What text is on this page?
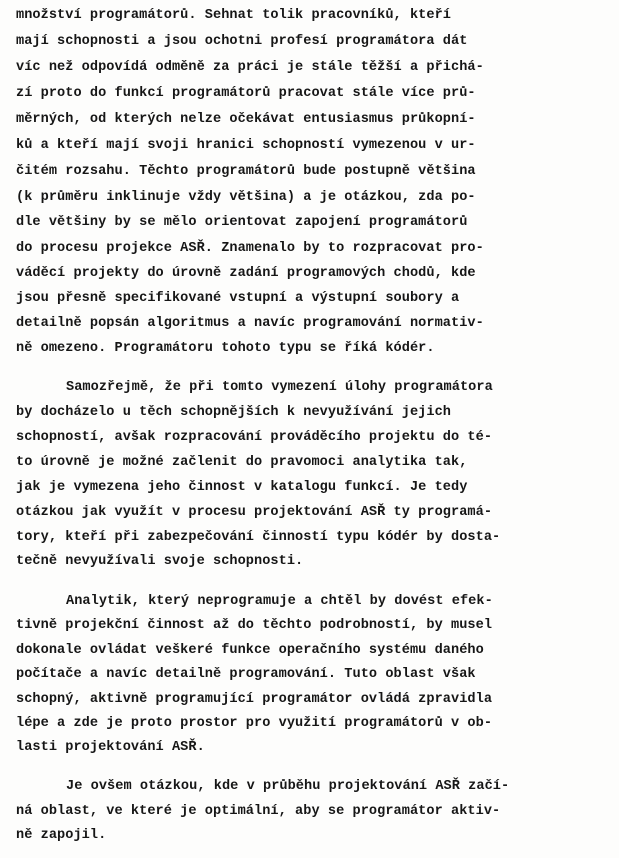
množství programátorů. Sehnat tolik pracovníků, kteří
mají schopnosti a jsou ochotni profesí programátora dát
víc než odpovídá odměně za práci je stále těžší a přichá-
zí proto do funkcí programátorů pracovat stále více prů-
měrných, od kterých nelze očekávat entusiasmus průkopní-
ků a kteří mají svoji hranici schopností vymezenou v ur-
čitém rozsahu. Těchto programátorů bude postupně většina
(k průměru inklinuje vždy většina) a je otázkou, zda po-
dle většiny by se mělo orientovat zapojení programátorů
do procesu projekce ASŘ. Znamenalo by to rozpracovat pro-
váděcí projekty do úrovně zadání programových chodů, kde
jsou přesně specifikované vstupní a výstupní soubory a
detailně popsán algoritmus a navíc programování normativ-
ně omezeno. Programátoru tohoto typu se říká kódér.
Samozřejmě, že při tomto vymezení úlohy programátora
by docházelo u těch schopnějších k nevyužívání jejich
schopností, avšak rozpracování prováděcího projektu do té-
to úrovně je možné začlenit do pravomoci analytika tak,
jak je vymezena jeho činnost v katalogu funkcí. Je tedy
otázkou jak využít v procesu projektování ASŘ ty programá-
tory, kteří při zabezpečování činností typu kódér by dosta-
tečně nevyužívali svoje schopnosti.
Analytik, který neprogramuje a chtěl by dovést efek-
tivně projekční činnost až do těchto podrobností, by musel
dokonale ovládat veškeré funkce operačního systému daného
počítače a navíc detailně programování. Tuto oblast však
schopný, aktivně programující programátor ovládá zpravidla
lépe a zde je proto prostor pro využití programátorů v ob-
lasti projektování ASŘ.
Je ovšem otázkou, kde v průběhu projektování ASŘ začí-
ná oblast, ve které je optimální, aby se programátor aktiv-
ně zapojil.
